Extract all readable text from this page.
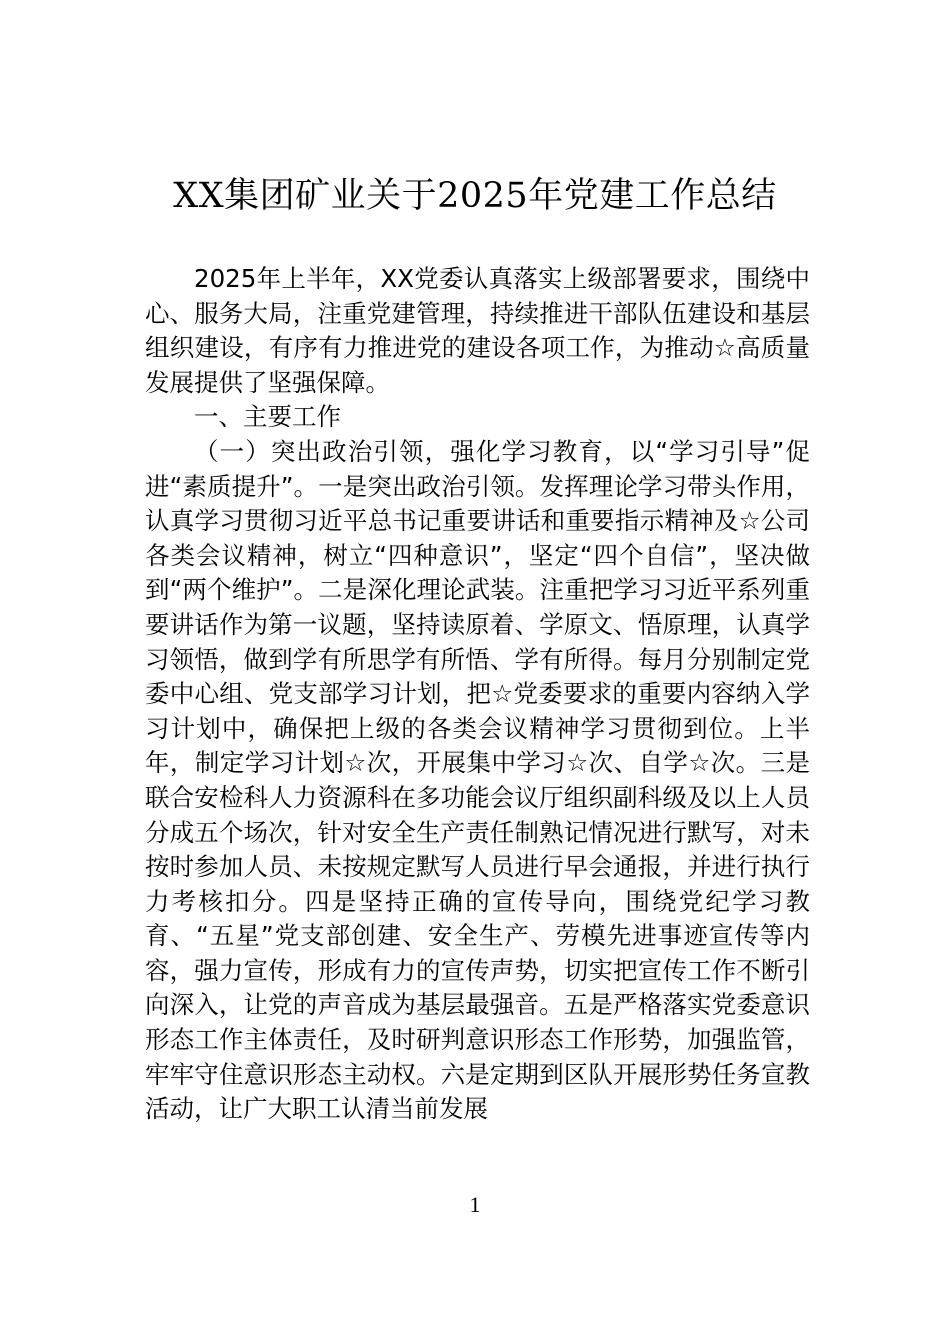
XX集团矿业关于2025年党建工作总结

2025年上半年，XX党委认真落实上级部署要求，围绕中心、服务大局，注重党建管理，持续推进干部队伍建设和基层组织建设，有序有力推进党的建设各项工作，为推动☆高质量发展提供了坚强保障。

一、主要工作

（一）突出政治引领，强化学习教育，以“学习引导”促进“素质提升”。一是突出政治引领。发挥理论学习带头作用，认真学习贯彻习近平总书记重要讲话和重要指示精神及☆公司各类会议精神，树立“四种意识”，坚定“四个自信”，坚决做到“两个维护”。二是深化理论武装。注重把学习习近平系列重要讲话作为第一议题，坚持读原着、学原文、悟原理，认真学习领悟，做到学有所思学有所悟、学有所得。每月分别制定党委中心组、党支部学习计划，把☆党委要求的重要内容纳入学习计划中，确保把上级的各类会议精神学习贯彻到位。上半年，制定学习计划☆次，开展集中学习☆次、自学☆次。三是联合安检科人力资源科在多功能会议厅组织副科级及以上人员分成五个场次，针对安全生产责任制熟记情况进行默写，对未按时参加人员、未按规定默写人员进行早会通报，并进行执行力考核扣分。四是坚持正确的宣传导向，围绕党纪学习教育、“五星”党支部创建、安全生产、劳模先进事迹宣传等内容，强力宣传，形成有力的宣传声势，切实把宣传工作不断引向深入，让党的声音成为基层最强音。五是严格落实党委意识形态工作主体责任，及时研判意识形态工作形势，加强监管，牢牢守住意识形态主动权。六是定期到区队开展形势任务宣教活动，让广大职工认清当前发展

1
